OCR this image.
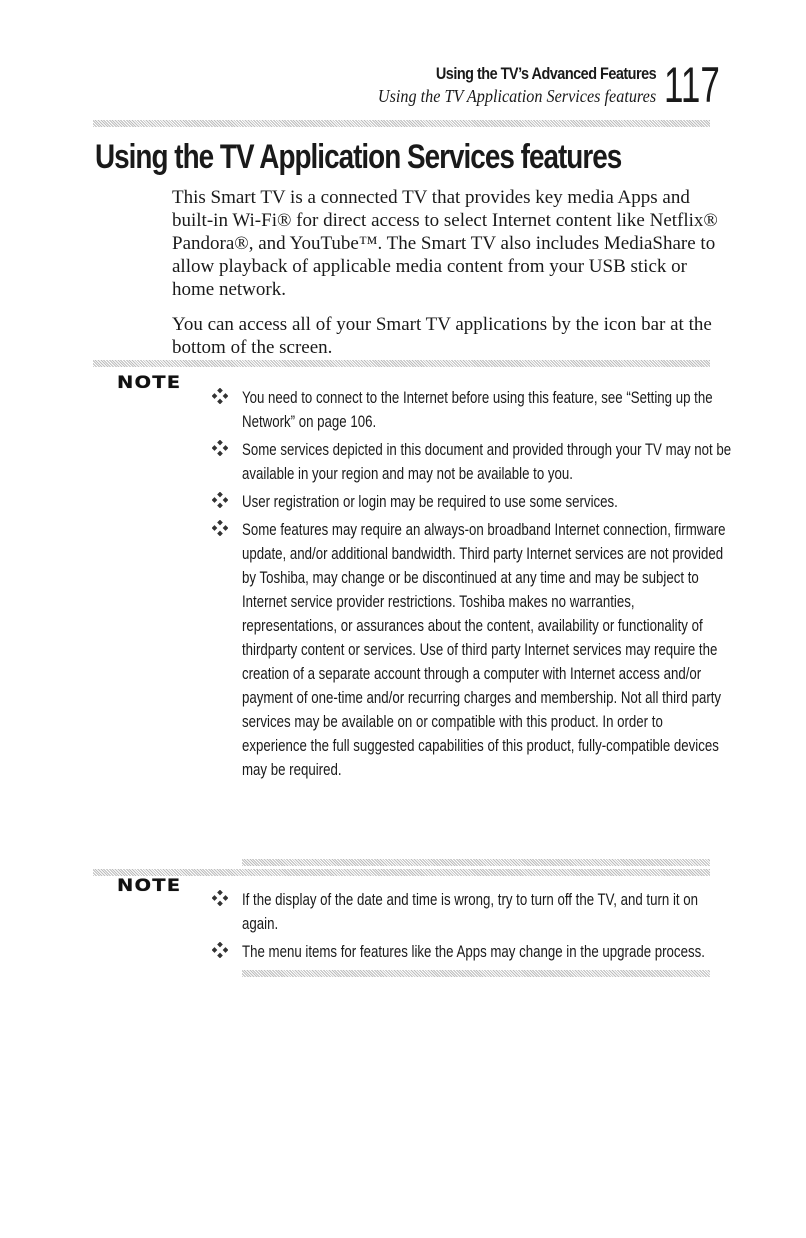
Using the TV’s Advanced Features
Using the TV Application Services features 117
Using the TV Application Services features
This Smart TV is a connected TV that provides key media Apps and built-in Wi-Fi® for direct access to select Internet content like Netflix® Pandora®, and YouTube™. The Smart TV also includes MediaShare to allow playback of applicable media content from your USB stick or home network.
You can access all of your Smart TV applications by the icon bar at the bottom of the screen.
NOTE
You need to connect to the Internet before using this feature, see “Setting up the Network” on page 106.
Some services depicted in this document and provided through your TV may not be available in your region and may not be available to you.
User registration or login may be required to use some services.
Some features may require an always-on broadband Internet connection, firmware update, and/or additional bandwidth. Third party Internet services are not provided by Toshiba, may change or be discontinued at any time and may be subject to Internet service provider restrictions. Toshiba makes no warranties, representations, or assurances about the content, availability or functionality of thirdparty content or services. Use of third party Internet services may require the creation of a separate account through a computer with Internet access and/or payment of one-time and/or recurring charges and membership. Not all third party services may be available on or compatible with this product. In order to experience the full suggested capabilities of this product, fully-compatible devices may be required.
NOTE
If the display of the date and time is wrong, try to turn off the TV, and turn it on again.
The menu items for features like the Apps may change in the upgrade process.
